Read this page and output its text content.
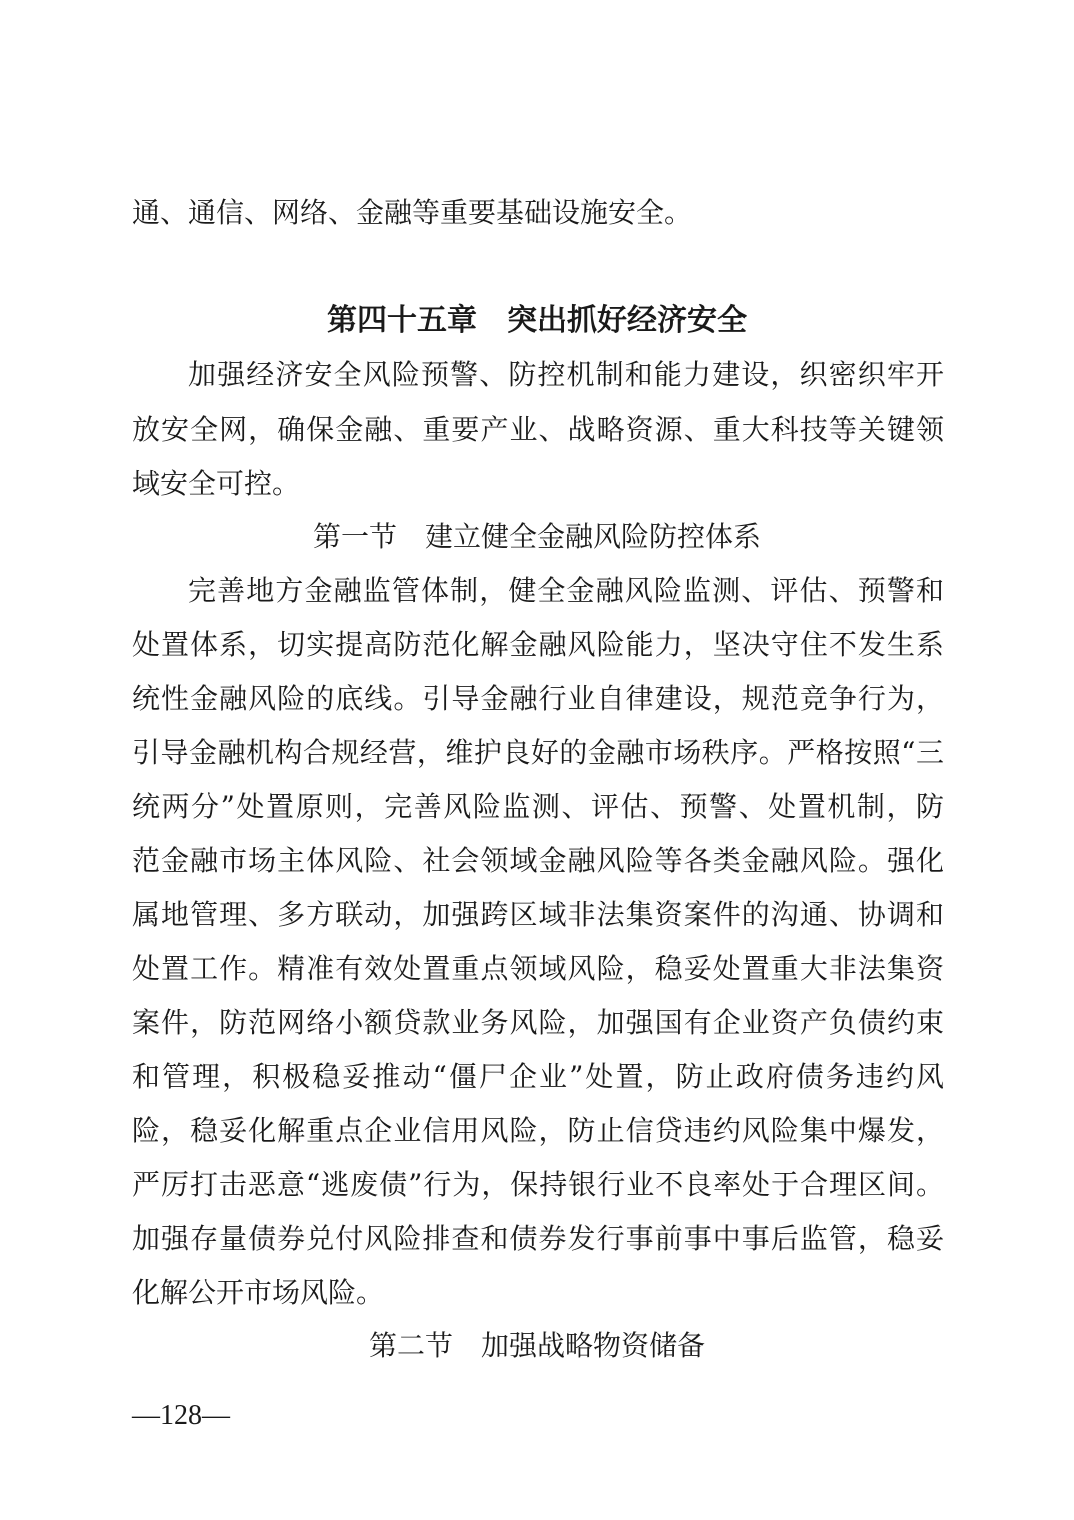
通、通信、网络、金融等重要基础设施安全。
第四十五章　突出抓好经济安全
加强经济安全风险预警、防控机制和能力建设，织密织牢开
放安全网，确保金融、重要产业、战略资源、重大科技等关键领
域安全可控。
第一节　建立健全金融风险防控体系
完善地方金融监管体制，健全金融风险监测、评估、预警和
处置体系，切实提高防范化解金融风险能力，坚决守住不发生系
统性金融风险的底线。引导金融行业自律建设，规范竞争行为，
引导金融机构合规经营，维护良好的金融市场秩序。严格按照“三
统两分”处置原则，完善风险监测、评估、预警、处置机制，防
范金融市场主体风险、社会领域金融风险等各类金融风险。强化
属地管理、多方联动，加强跨区域非法集资案件的沟通、协调和
处置工作。精准有效处置重点领域风险，稳妥处置重大非法集资
案件，防范网络小额贷款业务风险，加强国有企业资产负债约束
和管理，积极稳妥推动“僵尸企业”处置，防止政府债务违约风
险，稳妥化解重点企业信用风险，防止信贷违约风险集中爆发，
严厉打击恶意“逃废债”行为，保持银行业不良率处于合理区间。
加强存量债券兑付风险排查和债券发行事前事中事后监管，稳妥
化解公开市场风险。
第二节　加强战略物资储备
—128—
